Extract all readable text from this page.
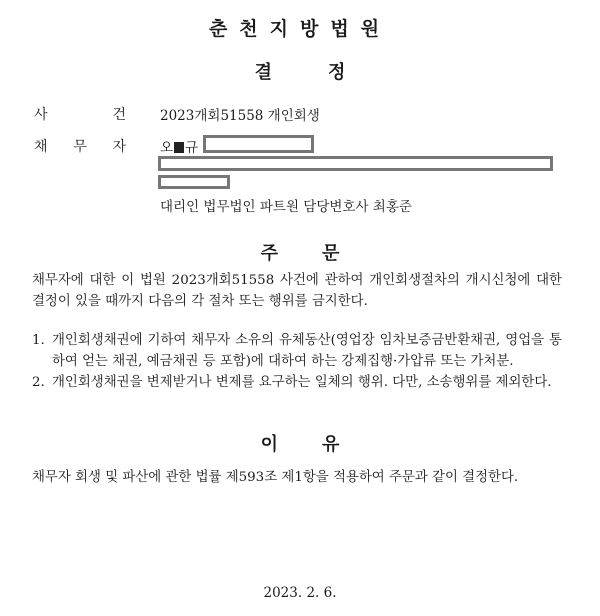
춘천지방법원
결	정
사	건	2023개회51558 개인회생
채 무 자	오 규
대리인 법무법인 파트원 담당변호사 최홍준
주 문
채무자에 대한 이 법원 2023개회51558 사건에 관하여 개인회생절차의 개시신청에 대한 결정이 있을 때까지 다음의 각 절차 또는 행위를 금지한다.
1. 개인회생채권에 기하여 채무자 소유의 유체동산(영업장 임차보증금반환채권, 영업을 통하여 얻는 채권, 예금채권 등 포함)에 대하여 하는 강제집행·가압류 또는 가처분.
2. 개인회생채권을 변제받거나 변제를 요구하는 일체의 행위. 다만, 소송행위를 제외한다.
이 유
채무자 회생 및 파산에 관한 법률 제593조 제1항을 적용하여 주문과 같이 결정한다.
2023. 2. 6.
